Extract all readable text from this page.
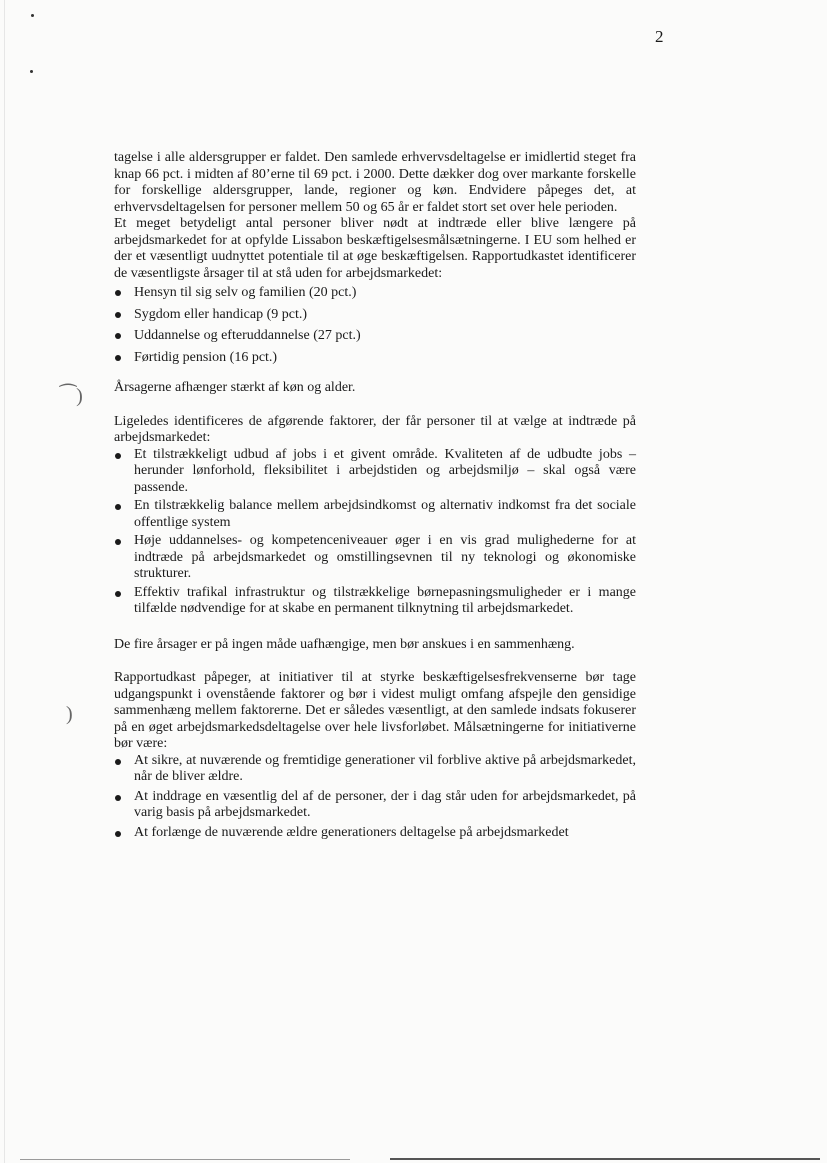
⁀)
)
2

tagelse i alle aldersgrupper er faldet. Den samlede erhvervsdeltagelse er imidlertid steget fra knap 66 pct. i midten af 80’erne til 69 pct. i 2000. Dette dækker dog over markante forskelle for forskellige aldersgrupper, lande, regioner og køn. Endvidere påpeges det, at erhvervsdeltagelsen for personer mellem 50 og 65 år er faldet stort set over hele perioden.

Et meget betydeligt antal personer bliver nødt at indtræde eller blive længere på arbejdsmarkedet for at opfylde Lissabon beskæftigelsesmålsætningerne. I EU som helhed er der et væsentligt uudnyttet potentiale til at øge beskæftigelsen. Rapportudkastet identificerer de væsentligste årsager til at stå uden for arbejdsmarkedet:

Hensyn til sig selv og familien (20 pct.)
Sygdom eller handicap (9 pct.)
Uddannelse og efteruddannelse (27 pct.)
Førtidig pension (16 pct.)

Årsagerne afhænger stærkt af køn og alder.

Ligeledes identificeres de afgørende faktorer, der får personer til at vælge at indtræde på arbejdsmarkedet:

Et tilstrækkeligt udbud af jobs i et givent område. Kvaliteten af de udbudte jobs – herunder lønforhold, fleksibilitet i arbejdstiden og arbejdsmiljø – skal også være passende.
En tilstrækkelig balance mellem arbejdsindkomst og alternativ indkomst fra det sociale offentlige system
Høje uddannelses- og kompetenceniveauer øger i en vis grad mulighederne for at indtræde på arbejdsmarkedet og omstillingsevnen til ny teknologi og økonomiske strukturer.
Effektiv trafikal infrastruktur og tilstrækkelige børnepasningsmuligheder er i mange tilfælde nødvendige for at skabe en permanent tilknytning til arbejdsmarkedet.

De fire årsager er på ingen måde uafhængige, men bør anskues i en sammenhæng.

Rapportudkast påpeger, at initiativer til at styrke beskæftigelsesfrekvenserne bør tage udgangspunkt i ovenstående faktorer og bør i videst muligt omfang afspejle den gensidige sammenhæng mellem faktorerne. Det er således væsentligt, at den samlede indsats fokuserer på en øget arbejdsmarkedsdeltagelse over hele livsforløbet. Målsætningerne for initiativerne bør være:

At sikre, at nuværende og fremtidige generationer vil forblive aktive på arbejdsmarkedet, når de bliver ældre.
At inddrage en væsentlig del af de personer, der i dag står uden for arbejdsmarkedet, på varig basis på arbejdsmarkedet.
At forlænge de nuværende ældre generationers deltagelse på arbejdsmarkedet
